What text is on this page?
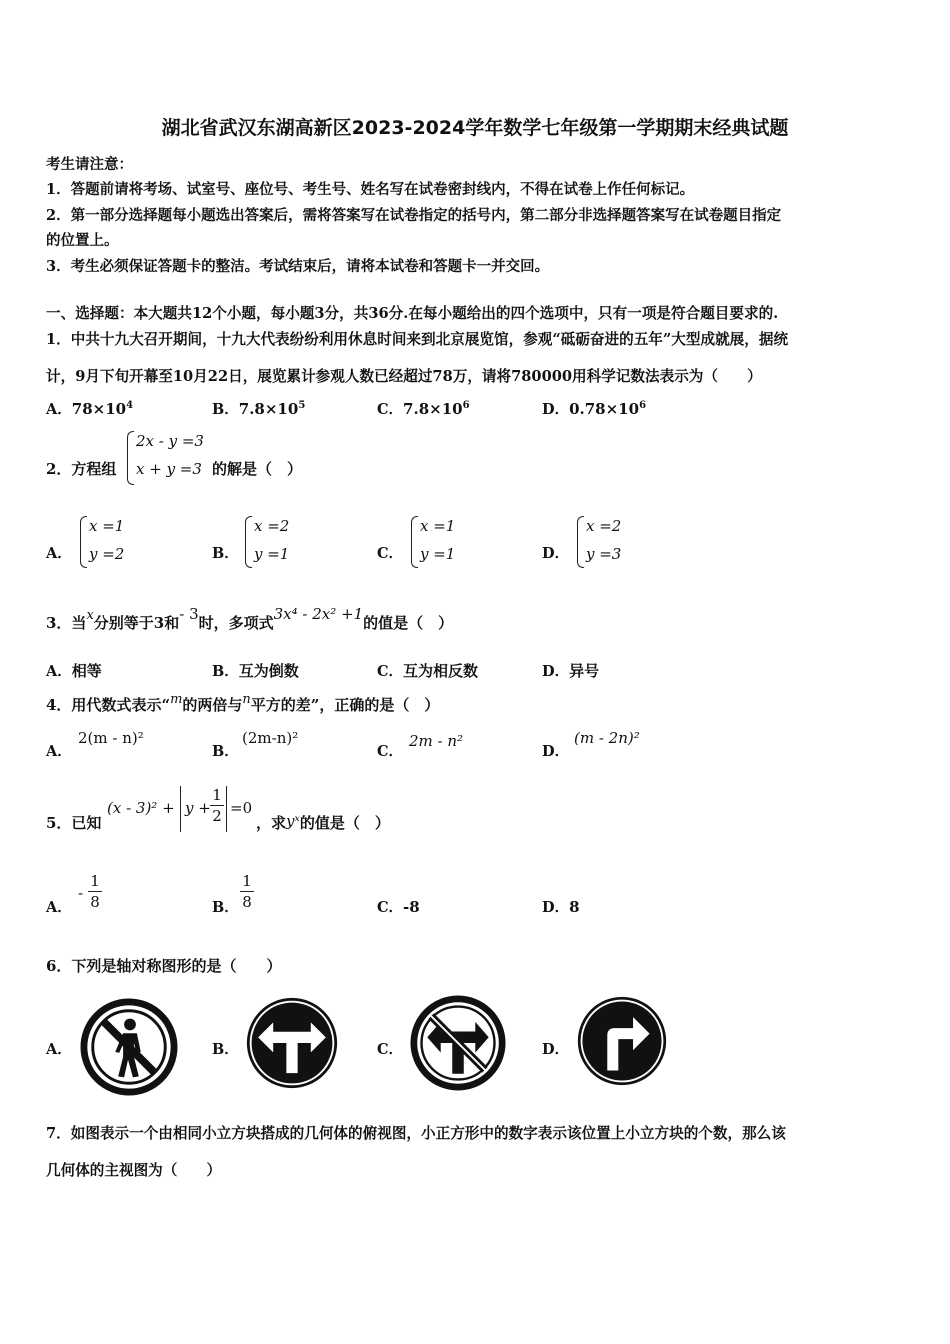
湖北省武汉东湖高新区2023-2024学年数学七年级第一学期期末经典试题
考生请注意：
1．答题前请将考场、试室号、座位号、考生号、姓名写在试卷密封线内，不得在试卷上作任何标记。
2．第一部分选择题每小题选出答案后，需将答案写在试卷指定的括号内，第二部分非选择题答案写在试卷题目指定
的位置上。
3．考生必须保证答题卡的整洁。考试结束后，请将本试卷和答题卡一并交回。
一、选择题：本大题共12个小题，每小题3分，共36分.在每小题给出的四个选项中，只有一项是符合题目要求的.
1．中共十九大召开期间，十九大代表纷纷利用休息时间来到北京展览馆，参观“砥砺奋进的五年”大型成就展，据统
计，9月下旬开幕至10月22日，展览累计参观人数已经超过78万，请将780000用科学记数法表示为（　　）
A．$78\times 10^4$	B．$7.8\times 10^5$	C．$7.8\times 10^6$	D．$0.78\times 10^6$
2．方程组
2x - y =3
x + y =3 的解是（　）
A．
x =1
y =2	B．
x =2
y =1	C．
x =1
y =1	D．
x =2
y =3
3．当x分别等于3和- 3时，多项式3x⁴ - 2x² +1的值是（　）
A．相等	B．互为倒数	C．互为相反数	D．异号
4．用代数式表示“m的两倍与n平方的差”，正确的是（　）
A．
2(m - n)²
B．
(2m-n)²
C．
2m - n²
D．
(m - 2n)²
5．已知
(x - 3)² + y +
1
2 =0
，求yˣ的值是（　）
A．
-
1
8	B．
1
8	C．-8	D．8
6．下列是轴对称图形的是（　　）
A．	B．	C．	D．
7．如图表示一个由相同小立方块搭成的几何体的俯视图，小正方形中的数字表示该位置上小立方块的个数，那么该
几何体的主视图为（　　）
